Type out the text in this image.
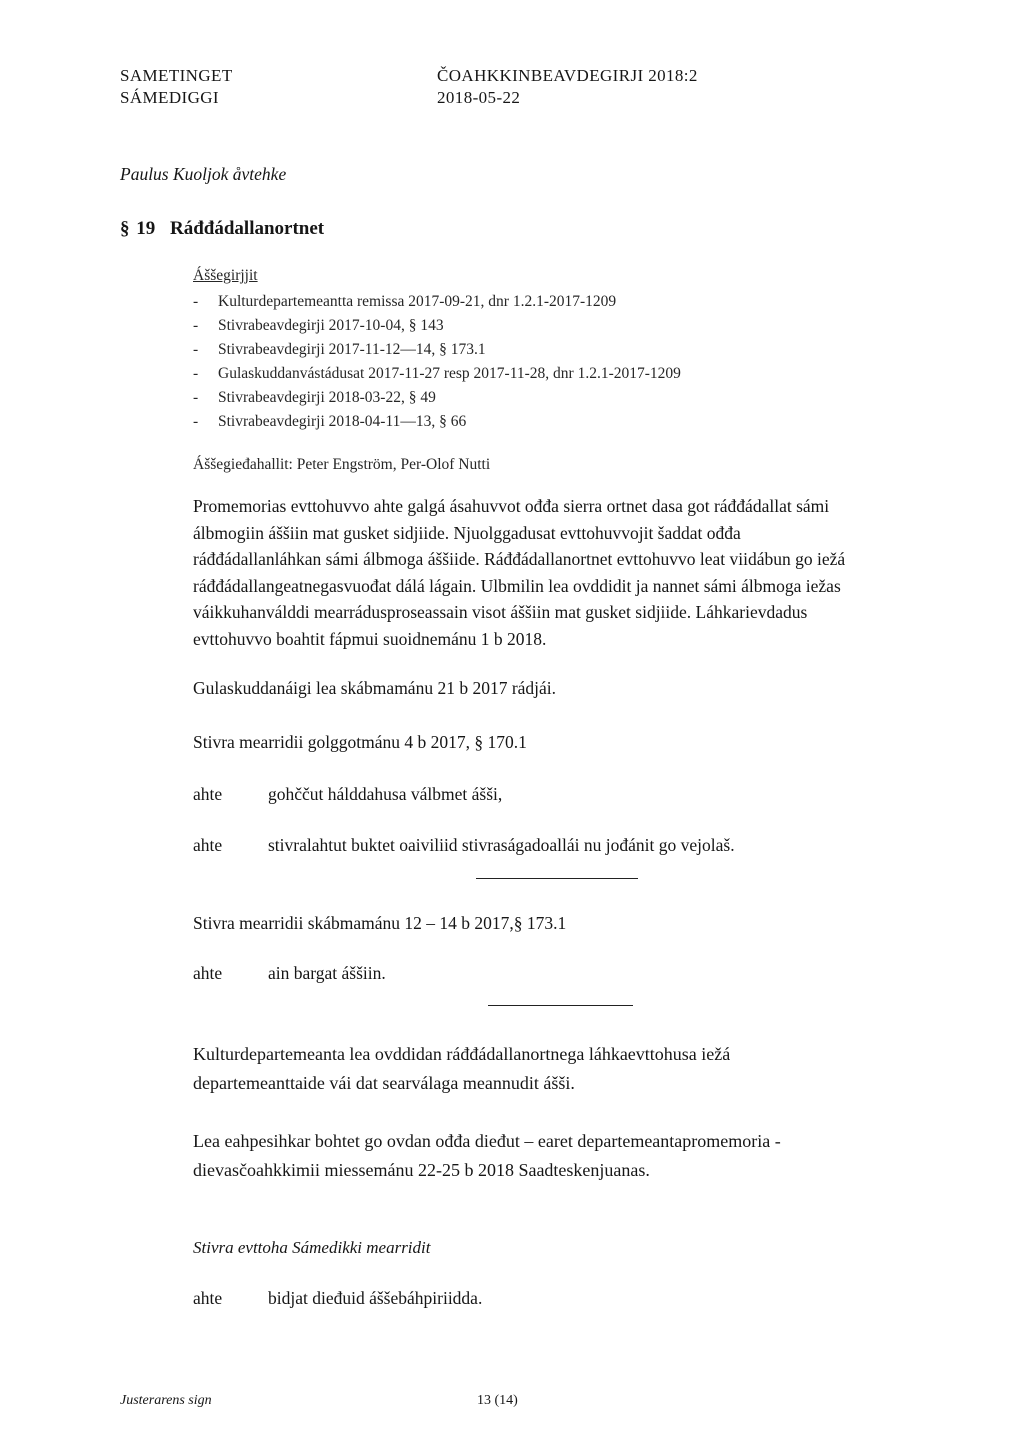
SAMETINGET
SÁMEDIGGI
ČOAHKKINBEAVDEGIRJI 2018:2
2018-05-22
Paulus Kuoljok åvtehke
§ 19 Ráđđádallanortnet
Áššegirjjit
- Kulturdepartemeantta remissa 2017-09-21, dnr 1.2.1-2017-1209
- Stivrabeavdegirji 2017-10-04, § 143
- Stivrabeavdegirji 2017-11-12—14, § 173.1
- Gulaskuddanvástádusat 2017-11-27 resp 2017-11-28, dnr 1.2.1-2017-1209
- Stivrabeavdegirji 2018-03-22, § 49
- Stivrabeavdegirji 2018-04-11—13, § 66
Áššegieđahallit: Peter Engström, Per-Olof Nutti

Promemorias evttohuvvo ahte galgá ásahuvvot ođđa sierra ortnet dasa got ráđđádallat sámi

álbmogiin áššiin mat gusket sidjiide. Njuolggadusat evttohuvvojit šaddat ođđa

ráđđádallanláhkan sámi álbmoga áššiide. Ráđđádallanortnet evttohuvvo leat viidábun go iežá

ráđđádallangeatnegasvuođat dálá lágain. Ulbmilin lea ovddidit ja nannet sámi álbmoga iežas

váikkuhanválddi mearrádusproseassain visot áššiin mat gusket sidjiide. Láhkarievdadus

evttohuvvo boahtit fápmui suoidnemánu 1 b 2018.

Gulaskuddanáigi lea skábmamánu 21 b 2017 rádjái.
Stivra mearridii golggotmánu 4 b 2017, § 170.1
ahte	gohččut hálddahusa válbmet ášši,
ahte	stivralahtut buktet oaiviliid stivraságadoallái nu jođánit go vejolaš.
Stivra mearridii skábmamánu 12 – 14 b 2017,§ 173.1
ahte	ain bargat áššiin.

Kulturdepartemeanta lea ovddidan ráđđádallanortnega láhkaevttohusa iežá

departemeanttaide vái dat searválaga meannudit ášši.

Lea eahpesihkar bohtet go ovdan ođđa dieđut – earet departemeantapromemoria -

dievasčoahkkimii miessemánu 22-25 b 2018 Saadteskenjuanas.

Stivra evttoha Sámedikki mearridit
ahte	bidjat dieđuid áššebáhpiriidda.
Justerarens sign	13 (14)
